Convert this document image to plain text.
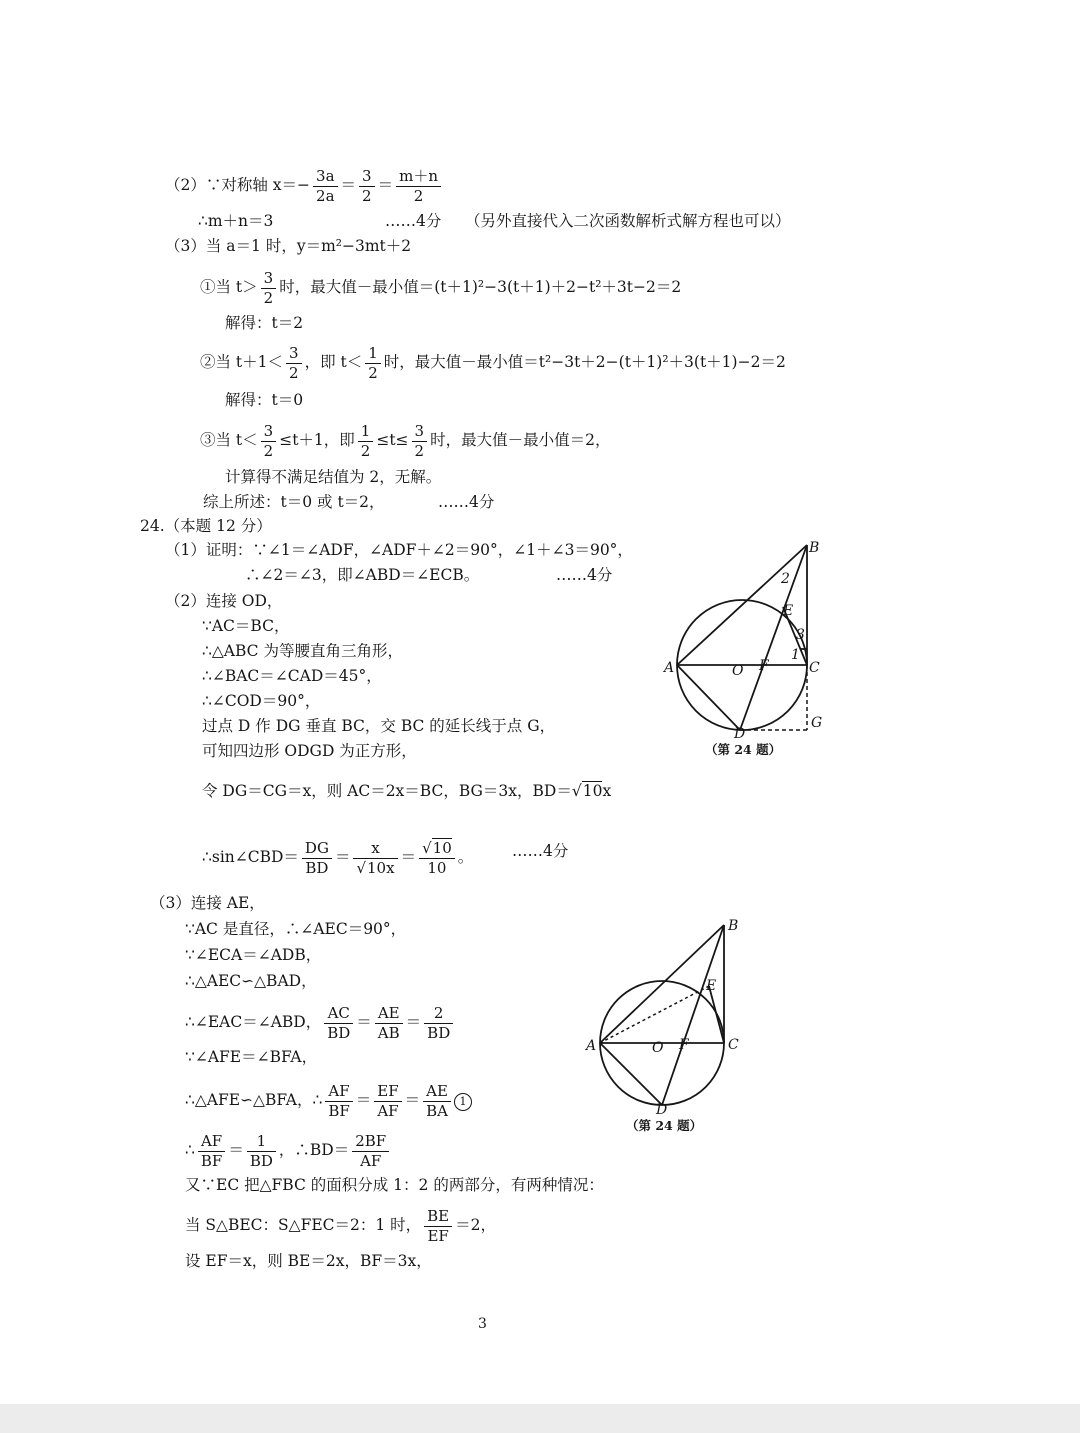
（2）∵对称轴 $x=- \frac{3a}{2a} = \frac{3}{2} = \frac{m+n}{2}$
∴m＋n＝3	……4分 （另外直接代入二次函数解析式解方程也可以）
（3）当 a＝1 时，y＝m²−3mt＋2
①当 $t> \frac{3}{2}$ 时，最大值－最小值＝(t＋1)²−3(t＋1)＋2−t²＋3t−2＝2
解得：t＝2
②当 $t+1< \frac{3}{2}$ ，即 $t< \frac{1}{2}$ 时，最大值－最小值＝t²−3t＋2−(t＋1)²＋3(t＋1)−2＝2
解得：t＝0
③当 $t< \frac{3}{2} \le t+1$，即 $\frac{1}{2} \le t\le \frac{3}{2}$ 时，最大值－最小值＝2，
计算得不满足结值为 2，无解。
综上所述：t＝0 或 t＝2，	……4分
24.（本题 12 分）
（1）证明：∵∠1＝∠ADF，∠ADF＋∠2＝90°，∠1＋∠3＝90°，
∴∠2＝∠3，即∠ABD＝∠ECB。	……4分
（2）连接 OD，
∵AC＝BC，
∴△ABC 为等腰直角三角形，
∴∠BAC＝∠CAD＝45°，
∴∠COD＝90°，
过点 D 作 DG 垂直 BC，交 BC 的延长线于点 G，
可知四边形 ODGD 为正方形，
令 DG＝CG＝x，则 AC＝2x＝BC，BG＝3x，BD＝√10x
∴sin∠CBD＝ $\frac{DG}{BD} = \frac{x}{√10x} = \frac{√10}{10}$ 。 ……4分
（3）连接 AE，
∵AC 是直径，∴∠AEC＝90°，
∵∠ECA＝∠ADB，
∴△AEC∽△BAD，
∴∠EAC＝∠ABD， $\frac{AC}{BD} = \frac{AE}{AB} = \frac{2}{BD}$
∵∠AFE＝∠BFA，
∴△AFE∽△BFA，∴ $\frac{AF}{BF} = \frac{EF}{AF} = \frac{AE}{BA} 1$
∴ $\frac{AF}{BF} = \frac{1}{BD}$ ，∴BD＝ $\frac{2BF}{AF}$
又∵EC 把△FBC 的面积分成 1：2 的两部分，有两种情况：
当 S△BEC：S△FEC＝2：1 时， $\frac{BE}{EF} =2$，
设 EF＝x，则 BE＝2x，BF＝3x，
B
E
A	C
O F
D
G
2
3
1
（第 24 题）
B
E
A	C
O F
D
（第 24 题）
3
